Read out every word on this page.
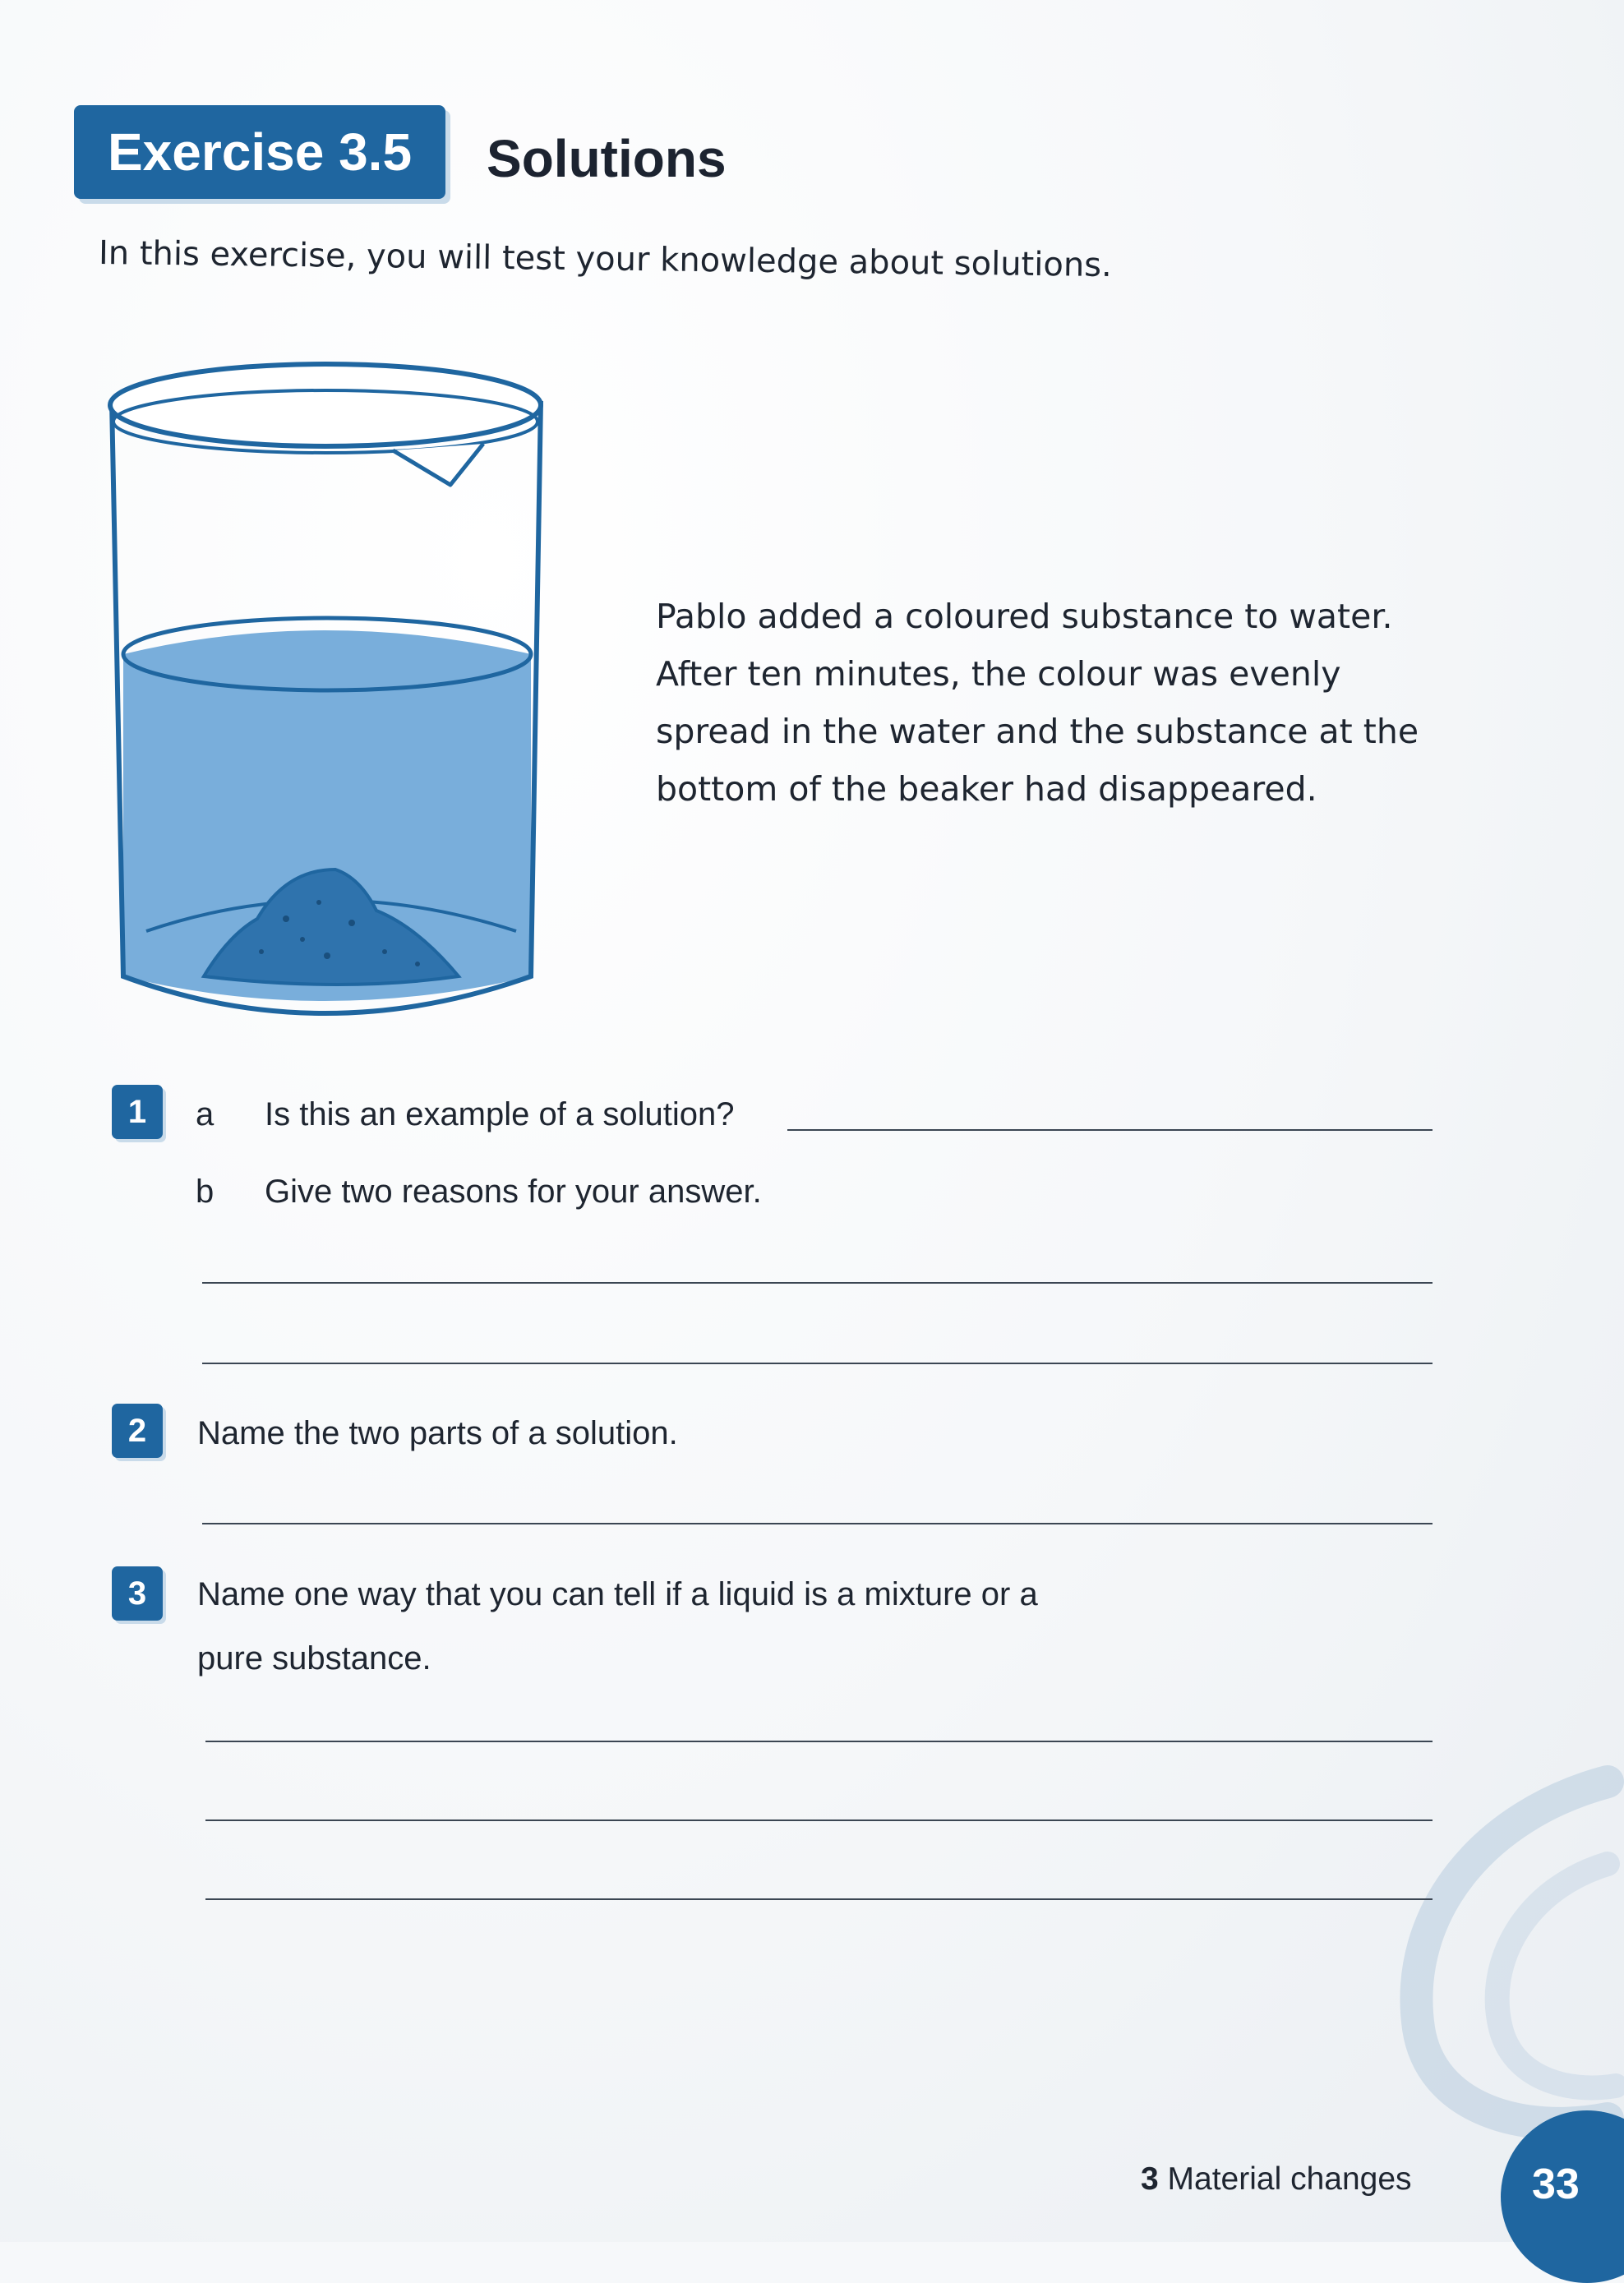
Exercise 3.5	Solutions
In this exercise, you will test your knowledge about solutions.
Pablo added a coloured substance to water.
After ten minutes, the colour was evenly
spread in the water and the substance at the
bottom of the beaker had disappeared.
1	a Is this an example of a solution?
b Give two reasons for your answer.
2	Name the two parts of a solution.
3	Name one way that you can tell if a liquid is a mixture or a
pure substance.
3 Material changes	33
